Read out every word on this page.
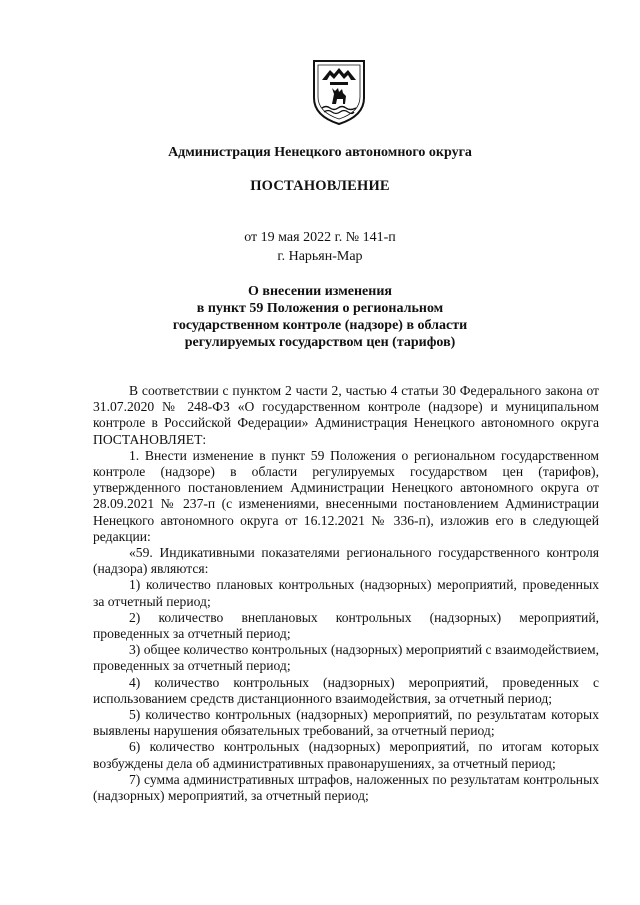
Администрация Ненецкого автономного округа
ПОСТАНОВЛЕНИЕ
от 19 мая 2022 г. № 141-п
г. Нарьян-Мар
О внесении изменения
в пункт 59 Положения о региональном
государственном контроле (надзоре) в области
регулируемых государством цен (тарифов)

В соответствии с пунктом 2 части 2, частью 4 статьи 30 Федерального закона от 31.07.2020 № 248-ФЗ «О государственном контроле (надзоре) и муниципальном контроле в Российской Федерации» Администрация Ненецкого автономного округа ПОСТАНОВЛЯЕТ:

1. Внести изменение в пункт 59 Положения о региональном государственном контроле (надзоре) в области регулируемых государством цен (тарифов), утвержденного постановлением Администрации Ненецкого автономного округа от 28.09.2021 № 237-п (с изменениями, внесенными постановлением Администрации Ненецкого автономного округа от 16.12.2021 № 336-п), изложив его в следующей редакции:

«59. Индикативными показателями регионального государственного контроля (надзора) являются:

1) количество плановых контрольных (надзорных) мероприятий, проведенных за отчетный период;

2) количество внеплановых контрольных (надзорных) мероприятий, проведенных за отчетный период;

3) общее количество контрольных (надзорных) мероприятий с взаимодействием, проведенных за отчетный период;

4) количество контрольных (надзорных) мероприятий, проведенных с использованием средств дистанционного взаимодействия, за отчетный период;

5) количество контрольных (надзорных) мероприятий, по результатам которых выявлены нарушения обязательных требований, за отчетный период;

6) количество контрольных (надзорных) мероприятий, по итогам которых возбуждены дела об административных правонарушениях, за отчетный период;

7) сумма административных штрафов, наложенных по результатам контрольных (надзорных) мероприятий, за отчетный период;
